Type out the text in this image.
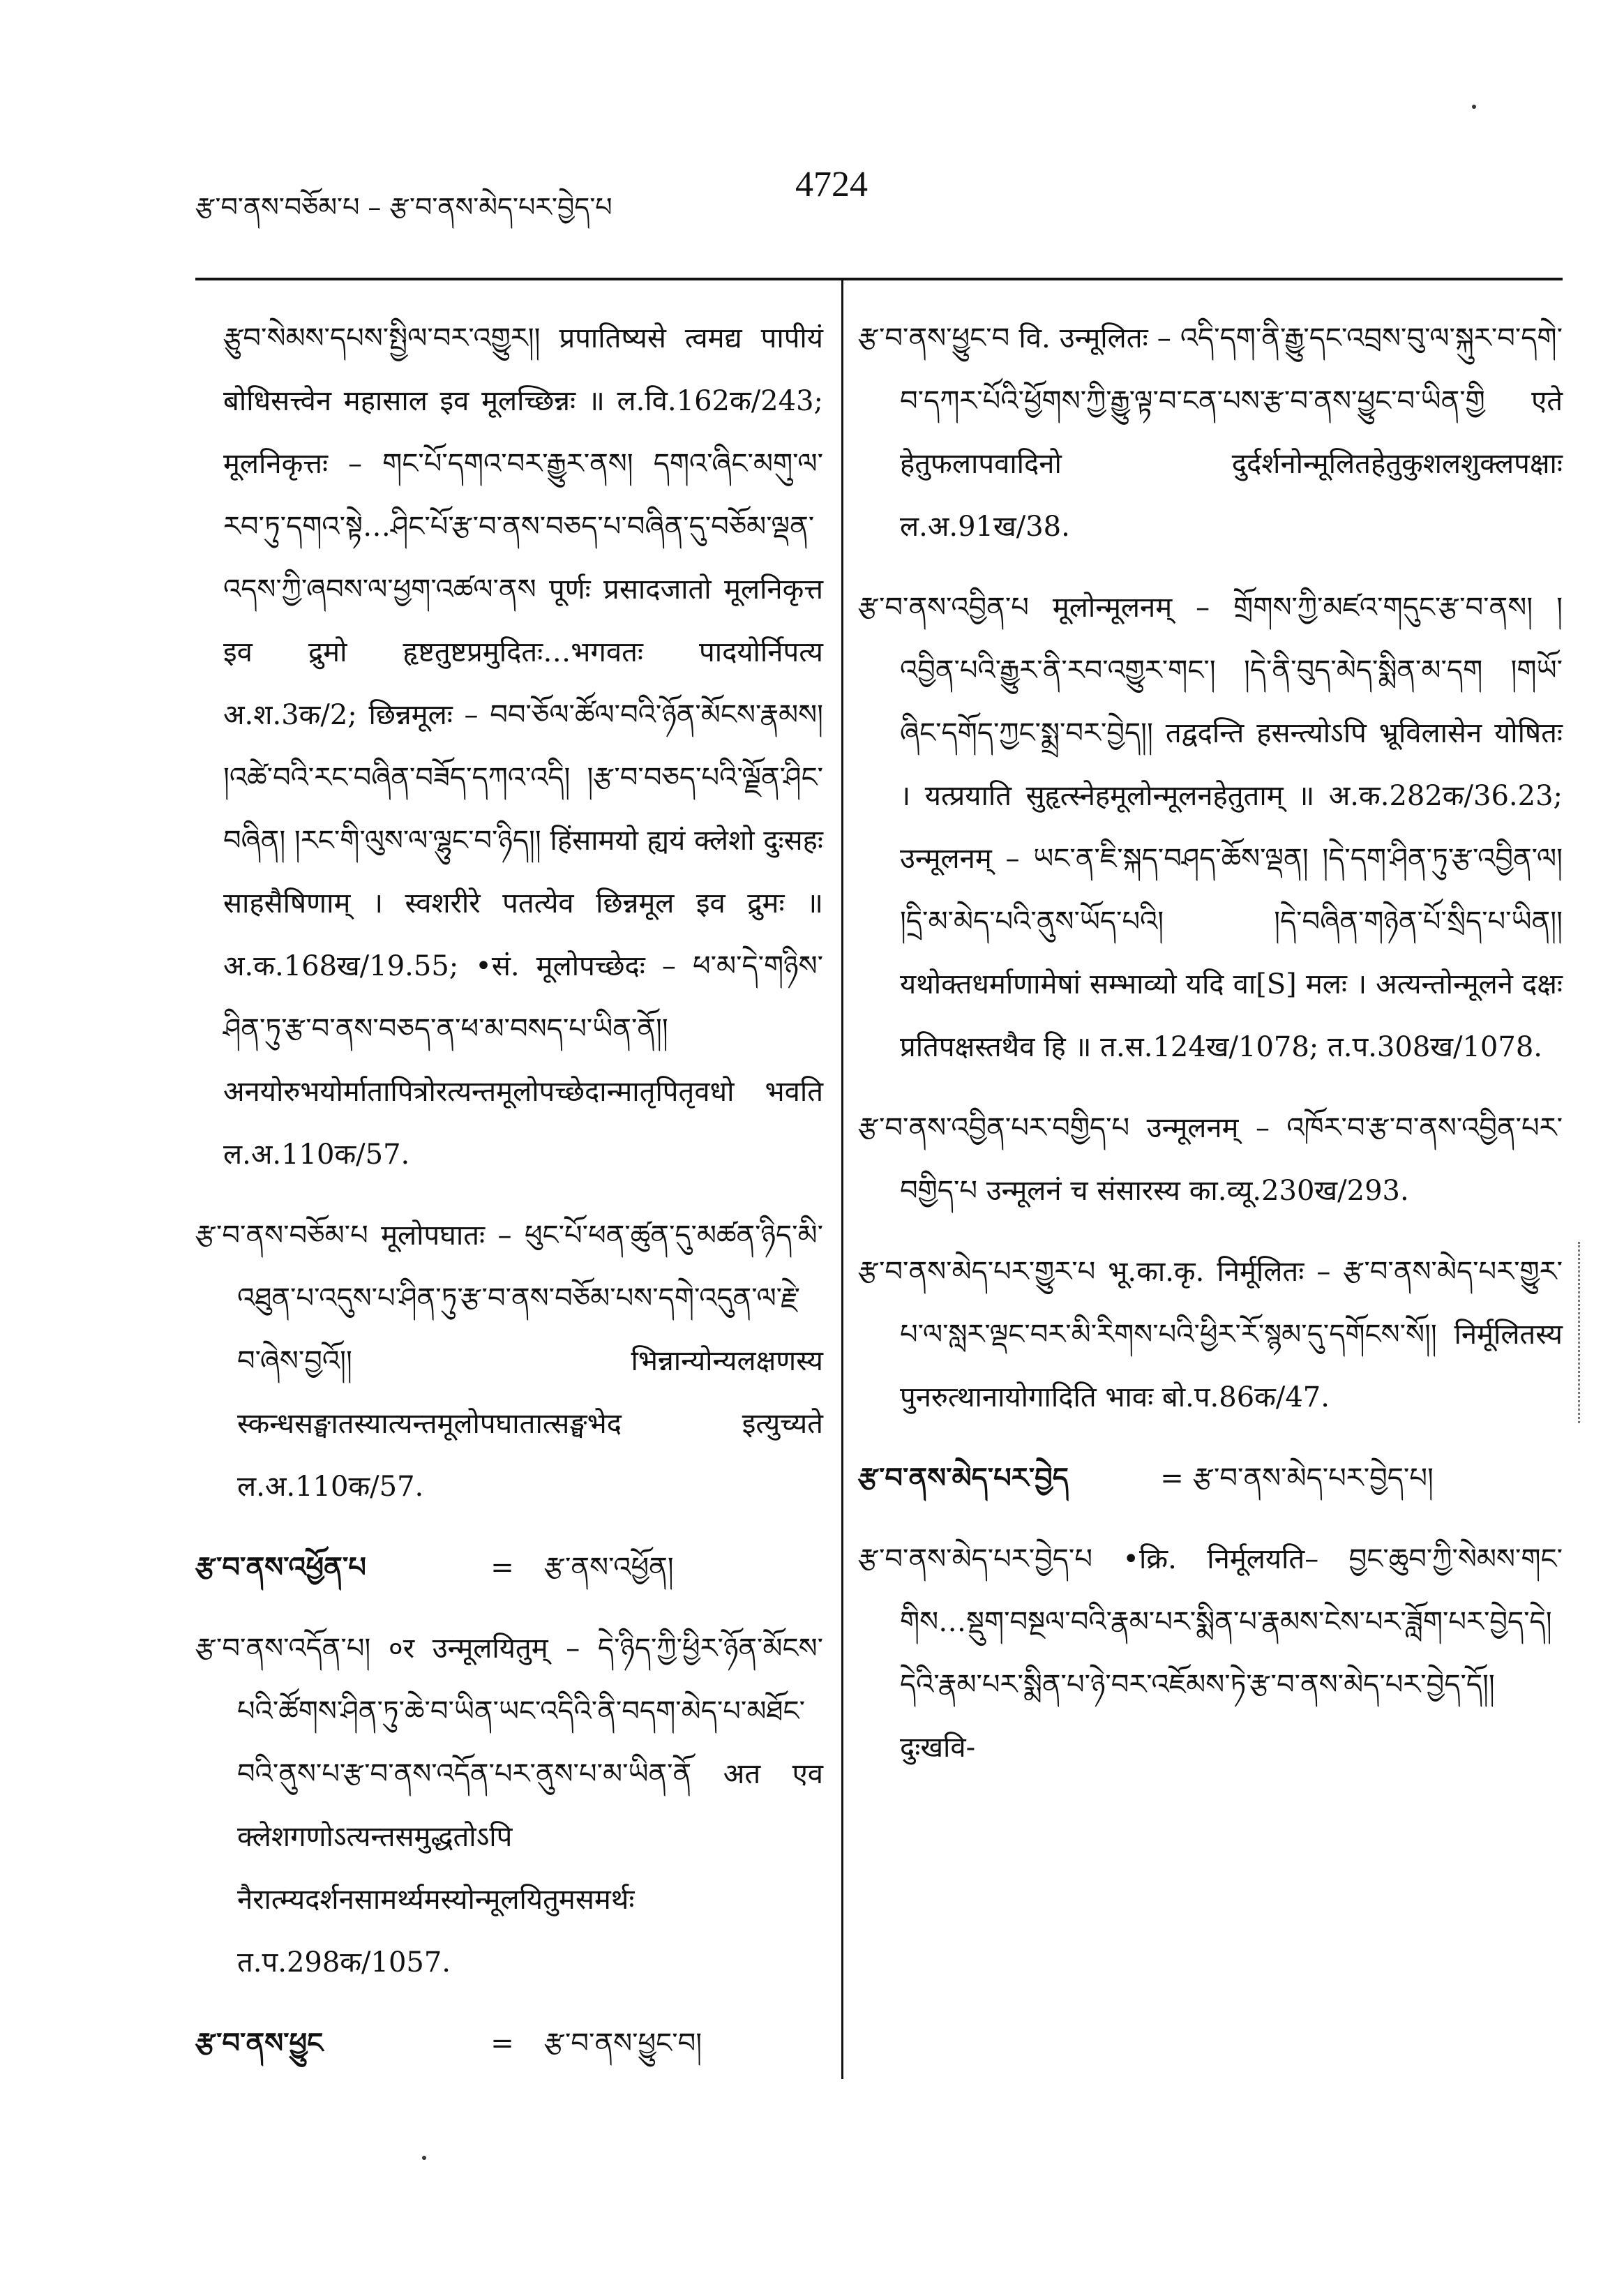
རྩ་བ་ནས་བཅོམ་པ – རྩ་བ་ནས་མེད་པར་བྱེད་པ
4724

རྩུབ་སེམས་དཔས་སྤྱིལ་བར་འགྱུར།། प्रपातिष्यसे त्वमद्य पापीयं बोधिसत्त्वेन महासाल इव मूलच्छिन्नः ॥ ल.वि.162क/243; मूलनिकृत्तः – གང་པོ་དགའ་བར་རྒྱུར་ནས། དགའ་ཞིང་མགུ་ལ་རབ་ཏུ་དགའ་སྟེ…ཤིང་པོ་རྩ་བ་ནས་བཅད་པ་བཞིན་དུ་བཅོམ་ལྡན་འདས་ཀྱི་ཞབས་ལ་ཕྱག་འཚལ་ནས पूर्णः प्रसादजातो मूलनिकृत्त इव द्रुमो हृष्टतुष्टप्रमुदितः…भगवतः पादयोर्निपत्य अ.श.3क/2; छिन्नमूलः – བབ་ཅོལ་ཚོལ་བའི་ཉོན་མོངས་རྣམས། །འཚེ་བའི་རང་བཞིན་བཟོད་དཀའ་འདི། །རྩ་བ་བཅད་པའི་ལྗོན་ཤིང་བཞིན། །རང་གི་ལུས་ལ་ལྷུང་བ་ཉིད།། हिंसामयो ह्ययं क्लेशो दुःसहः साहसैषिणाम् । स्वशरीरे पतत्येव छिन्नमूल इव द्रुमः ॥ अ.क.168ख/19.55; •सं. मूलोपच्छेदः – ཕ་མ་དེ་གཉིས་ཤིན་ཏུ་རྩ་བ་ནས་བཅད་ན་ཕ་མ་བསད་པ་ཡིན་ནོ།། अनयोरुभयोर्मातापित्रोरत्यन्तमूलोपच्छेदान्मातृपितृवधो भवति ल.अ.110क/57.

རྩ་བ་ནས་བཅོམ་པ मूलोपघातः – ཕུང་པོ་ཕན་ཚུན་དུ་མཚན་ཉིད་མི་འཐུན་པ་འདུས་པ་ཤིན་ཏུ་རྩ་བ་ནས་བཅོམ་པས་དགེ་འདུན་ལ་རྗེ་བ་ཞེས་བྱའོ།། भिन्नान्योन्यलक्षणस्य स्कन्धसङ्घातस्यात्यन्तमूलोपघातात्सङ्घभेद इत्युच्यते ल.अ.110क/57.

རྩ་བ་ནས་འཕྱོན་པ	=	རྩ་ནས་འཕྱོན།

རྩ་བ་ནས་འདོན་པ། ०र उन्मूलयितुम् – དེ་ཉིད་ཀྱི་ཕྱིར་ཉོན་མོངས་པའི་ཚོགས་ཤིན་ཏུ་ཆེ་བ་ཡིན་ཡང་འདིའི་ནི་བདག་མེད་པ་མཐོང་བའི་ནུས་པ་རྩ་བ་ནས་འདོན་པར་ནུས་པ་མ་ཡིན་ནོ अत एव क्लेशगणोऽत्यन्तसमुद्धतोऽपि नैरात्म्यदर्शनसामर्थ्यमस्योन्मूलयितुमसमर्थः त.प.298क/1057.

རྩ་བ་ནས་ཕྱུང	=	རྩ་བ་ནས་ཕྱུང་བ།

རྩ་བ་ནས་ཕྱུང་བ वि. उन्मूलितः – འདི་དག་ནི་རྒྱུ་དང་འབྲས་བུ་ལ་སྐུར་བ་དགེ་བ་དཀར་པོའི་ཕྱོགས་ཀྱི་རྒྱུ་ལྟ་བ་ངན་པས་རྩ་བ་ནས་ཕྱུང་བ་ཡིན་གྱི एते हेतुफलापवादिनो दुर्दर्शनोन्मूलितहेतुकुशलशुक्लपक्षाः ल.अ.91ख/38.

རྩ་བ་ནས་འབྱིན་པ मूलोन्मूलनम् – གྲོགས་ཀྱི་མཛའ་གདུང་རྩ་བ་ནས། །འབྱིན་པའི་རྒྱུར་ནི་རབ་འགྱུར་གང་། །དེ་ནི་བུད་མེད་སྨིན་མ་དག །གཡོ་ཞིང་དགོད་ཀྱང་སྨྲ་བར་བྱེད།། तद्वदन्ति हसन्त्योऽपि भ्रूविलासेन योषितः । यत्प्रयाति सुहृत्स्नेहमूलोन्मूलनहेतुताम् ॥ अ.क.282क/36.23; उन्मूलनम् – ཡང་ན་ཇི་སྐད་བཤད་ཆོས་ལྡན། །དེ་དག་ཤིན་ཏུ་རྩ་འབྱིན་ལ། །དྲི་མ་མེད་པའི་ནུས་ཡོད་པའི། །དེ་བཞིན་གཉེན་པོ་སྲིད་པ་ཡིན།། यथोक्तधर्माणामेषां सम्भाव्यो यदि वा[S] मलः । अत्यन्तोन्मूलने दक्षः प्रतिपक्षस्तथैव हि ॥ त.स.124ख/1078; त.प.308ख/1078.

རྩ་བ་ནས་འབྱིན་པར་བགྱིད་པ उन्मूलनम् – འཁོར་བ་རྩ་བ་ནས་འབྱིན་པར་བགྱིད་པ उन्मूलनं च संसारस्य का.व्यू.230ख/293.

རྩ་བ་ནས་མེད་པར་གྱུར་པ भू.का.कृ. निर्मूलितः – རྩ་བ་ནས་མེད་པར་གྱུར་པ་ལ་སླར་ལྡང་བར་མི་རིགས་པའི་ཕྱིར་རོ་སྙམ་དུ་དགོངས་སོ།། निर्मूलितस्य पुनरुत्थानायोगादिति भावः बो.प.86क/47.

རྩ་བ་ནས་མེད་པར་བྱེད	= རྩ་བ་ནས་མེད་པར་བྱེད་པ།

རྩ་བ་ནས་མེད་པར་བྱེད་པ •क्रि. निर्मूलयति– བྱང་ཆུབ་ཀྱི་སེམས་གང་གིས…སྡུག་བསྔལ་བའི་རྣམ་པར་སྨིན་པ་རྣམས་ངེས་པར་ཟློག་པར་བྱེད་དེ། དེའི་རྣམ་པར་སྨིན་པ་ཉེ་བར་འཇོམས་ཏེ་རྩ་བ་ནས་མེད་པར་བྱེད་དོ།། दुःखवि-
